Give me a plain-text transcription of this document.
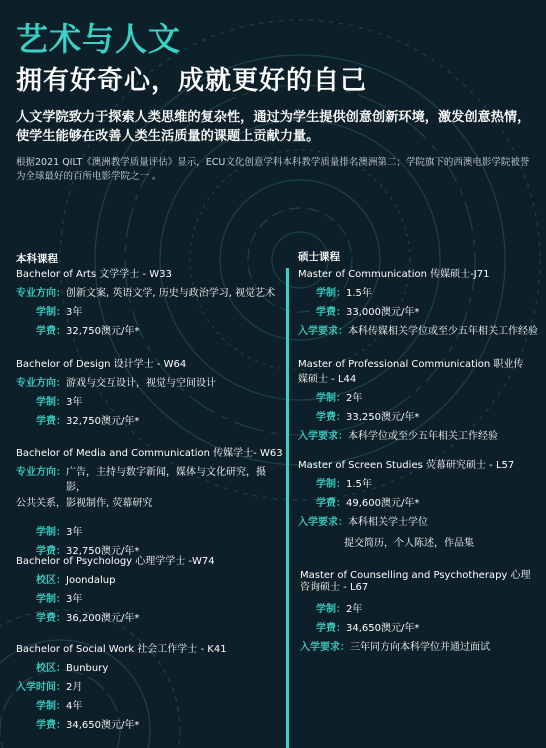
艺术与人文
拥有好奇心，成就更好的自己
人文学院致力于探索人类思维的复杂性，通过为学生提供创意创新环境，激发创意热情，使学生能够在改善人类生活质量的课题上贡献力量。
根据2021 QILT《澳洲教学质量评估》显示，ECU文化创意学科本科教学质量排名澳洲第二；学院旗下的西澳电影学院被誉为全球最好的百所电影学院之一 。
本科课程	硕士课程
Bachelor of Arts 文学学士 - W33
专业方向： 创新文案, 英语文学, 历史与政治学习, 视觉艺术
学制： 3年
学费： 32,750澳元/年*
Bachelor of Design 设计学士 - W64
专业方向： 游戏与交互设计，视觉与空间设计
学制： 3年
学费： 32,750澳元/年*
Bachelor of Media and Communication 传媒学士- W63
专业方向： 广告，主持与数字新闻，媒体与文化研究，摄影，
公共关系，影视制作, 荧幕研究
学制： 3年
学费： 32,750澳元/年*
Bachelor of Psychology 心理学学士 -W74
校区： Joondalup
学制： 3年
学费： 36,200澳元/年*
Bachelor of Social Work 社会工作学士 - K41
校区： Bunbury
入学时间： 2月
学制： 4年
学费： 34,650澳元/年*
Master of Communication 传媒硕士-J71
学制： 1.5年
学费： 33,000澳元/年*
入学要求： 本科传媒相关学位或至少五年相关工作经验
Master of Professional Communication 职业传媒硕士 - L44
学制： 2年
学费： 33,250澳元/年*
入学要求： 本科学位或至少五年相关工作经验
Master of Screen Studies 荧幕研究硕士 - L57
学制： 1.5年
学费： 49,600澳元/年*
入学要求： 本科相关学士学位
提交简历，个人陈述，作品集
Master of Counselling and Psychotherapy 心理咨询硕士 - L67
学制： 2年
学费： 34,650澳元/年*
入学要求： 三年同方向本科学位并通过面试
